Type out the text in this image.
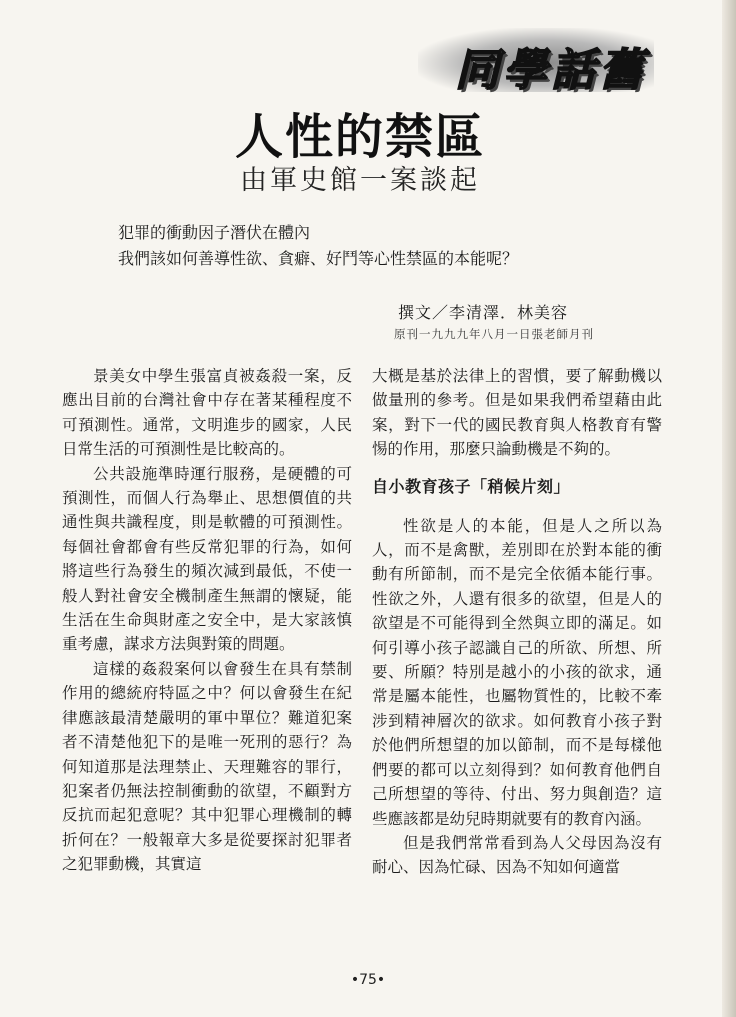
同學話舊
人性的禁區
由軍史館一案談起
犯罪的衝動因子潛伏在體內
我們該如何善導性欲、貪癖、好鬥等心性禁區的本能呢？
撰文／李清澤．林美容
原刊一九九九年八月一日張老師月刊

景美女中學生張富貞被姦殺一案，反應出目前的台灣社會中存在著某種程度不可預測性。通常，文明進步的國家，人民日常生活的可預測性是比較高的。

公共設施準時運行服務，是硬體的可預測性，而個人行為舉止、思想價值的共通性與共識程度，則是軟體的可預測性。每個社會都會有些反常犯罪的行為，如何將這些行為發生的頻次減到最低，不使一般人對社會安全機制產生無謂的懷疑，能生活在生命與財產之安全中，是大家該慎重考慮，謀求方法與對策的問題。

這樣的姦殺案何以會發生在具有禁制作用的總統府特區之中？何以會發生在紀律應該最清楚嚴明的軍中單位？難道犯案者不清楚他犯下的是唯一死刑的惡行？為何知道那是法理禁止、天理難容的罪行，犯案者仍無法控制衝動的欲望，不顧對方反抗而起犯意呢？其中犯罪心理機制的轉折何在？一般報章大多是從要探討犯罪者之犯罪動機，其實這

大概是基於法律上的習慣，要了解動機以做量刑的參考。但是如果我們希望藉由此案，對下一代的國民教育與人格教育有警惕的作用，那麼只論動機是不夠的。

自小教育孩子「稍候片刻」

性欲是人的本能，但是人之所以為人，而不是禽獸，差別即在於對本能的衝動有所節制，而不是完全依循本能行事。性欲之外，人還有很多的欲望，但是人的欲望是不可能得到全然與立即的滿足。如何引導小孩子認識自己的所欲、所想、所要、所願？特別是越小的小孩的欲求，通常是屬本能性，也屬物質性的，比較不牽涉到精神層次的欲求。如何教育小孩子對於他們所想望的加以節制，而不是每樣他們要的都可以立刻得到？如何教育他們自己所想望的等待、付出、努力與創造？這些應該都是幼兒時期就要有的教育內涵。

但是我們常常看到為人父母因為沒有耐心、因為忙碌、因為不知如何適當

•75•
